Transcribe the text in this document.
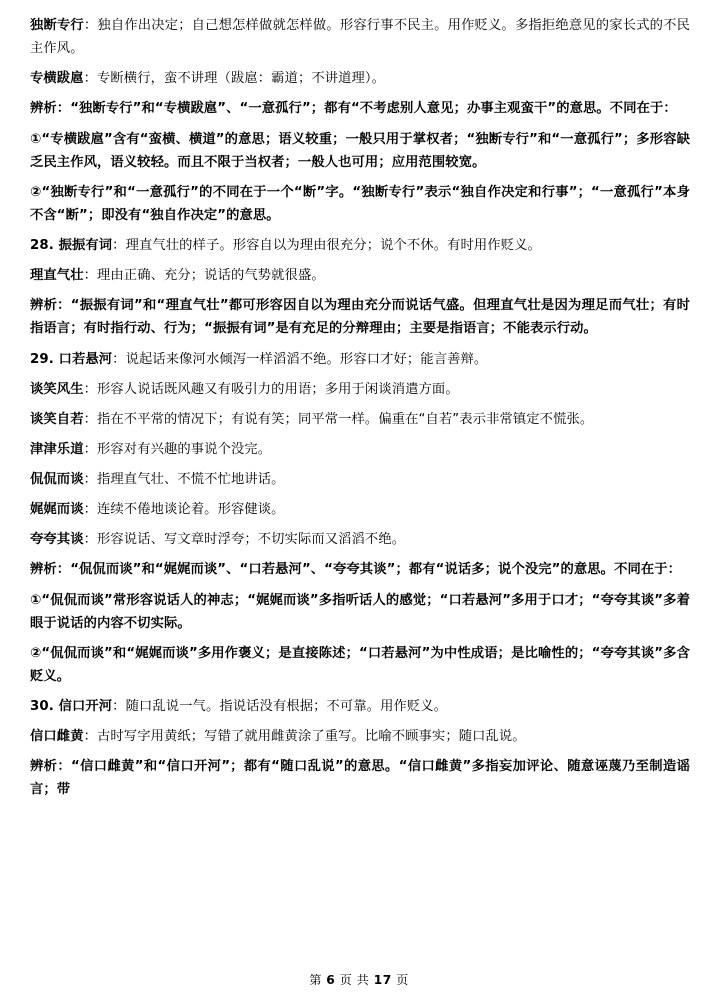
独断专行：独自作出决定；自己想怎样做就怎样做。形容行事不民主。用作贬义。多指拒绝意见的家长式的不民主作风。
专横跋扈：专断横行，蛮不讲理（跋扈：霸道；不讲道理）。
辨析：“独断专行”和“专横跋扈”、“一意孤行”；都有“不考虑别人意见；办事主观蛮干”的意思。不同在于：
①“专横跋扈”含有“蛮横、横道”的意思；语义较重；一般只用于掌权者；“独断专行”和“一意孤行”；多形容缺乏民主作风，语义较轻。而且不限于当权者；一般人也可用；应用范围较宽。
②“独断专行”和“一意孤行”的不同在于一个“断”字。“独断专行”表示“独自作决定和行事”；“一意孤行”本身不含“断”；即没有“独自作决定”的意思。
28. 振振有词：理直气壮的样子。形容自以为理由很充分；说个不休。有时用作贬义。
理直气壮：理由正确、充分；说话的气势就很盛。
辨析：“振振有词”和“理直气壮”都可形容因自以为理由充分而说话气盛。但理直气壮是因为理足而气壮；有时指语言；有时指行动、行为；“振振有词”是有充足的分辩理由；主要是指语言；不能表示行动。
29. 口若悬河：说起话来像河水倾泻一样滔滔不绝。形容口才好；能言善辩。
谈笑风生：形容人说话既风趣又有吸引力的用语；多用于闲谈消遣方面。
谈笑自若：指在不平常的情况下；有说有笑；同平常一样。偏重在“自若”表示非常镇定不慌张。
津津乐道：形容对有兴趣的事说个没完。
侃侃而谈：指理直气壮、不慌不忙地讲话。
娓娓而谈：连续不倦地谈论着。形容健谈。
夸夸其谈：形容说话、写文章时浮夸；不切实际而又滔滔不绝。
辨析：“侃侃而谈”和“娓娓而谈”、“口若悬河”、“夸夸其谈”；都有“说话多；说个没完”的意思。不同在于：
①“侃侃而谈”常形容说话人的神志；“娓娓而谈”多指听话人的感觉；“口若悬河”多用于口才；“夸夸其谈”多着眼于说话的内容不切实际。
②“侃侃而谈”和“娓娓而谈”多用作褒义；是直接陈述；“口若悬河”为中性成语；是比喻性的；“夸夸其谈”多含贬义。
30. 信口开河：随口乱说一气。指说话没有根据；不可靠。用作贬义。
信口雌黄：古时写字用黄纸；写错了就用雌黄涂了重写。比喻不顾事实；随口乱说。
辨析：“信口雌黄”和“信口开河”；都有“随口乱说”的意思。“信口雌黄”多指妄加评论、随意诬蔑乃至制造谣言；带
第 6 页 共 17 页
